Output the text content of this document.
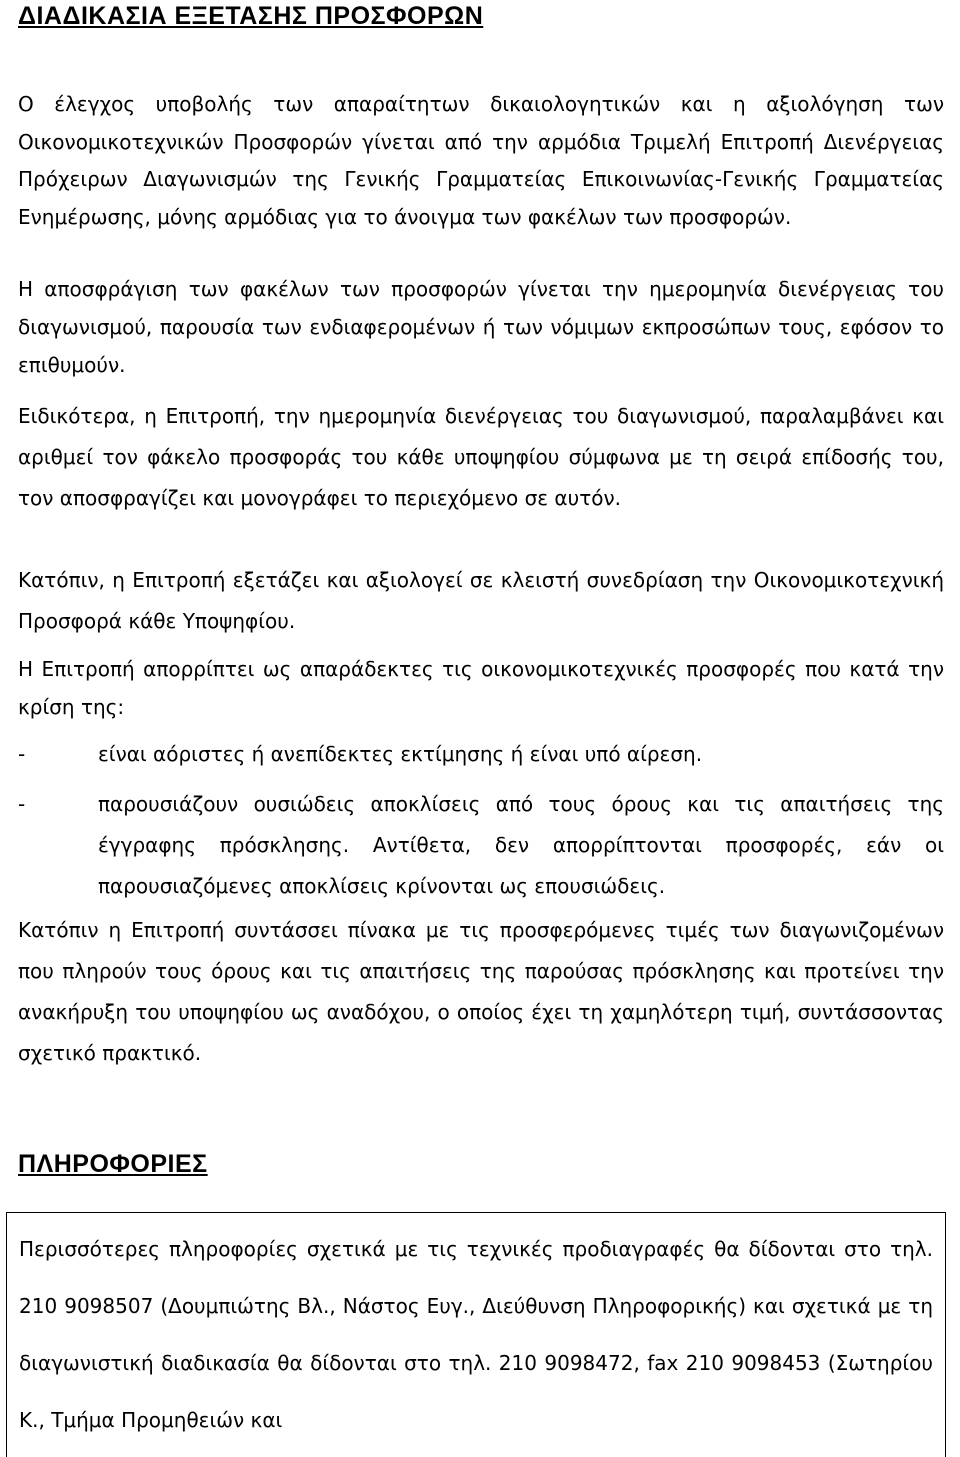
ΔΙΑΔΙΚΑΣΙΑ ΕΞΕΤΑΣΗΣ ΠΡΟΣΦΟΡΩΝ

Ο έλεγχος υποβολής των απαραίτητων δικαιολογητικών και η αξιολόγηση των Οικονομικοτεχνικών Προσφορών γίνεται από την αρμόδια Τριμελή Επιτροπή Διενέργειας Πρόχειρων Διαγωνισμών της Γενικής Γραμματείας Επικοινωνίας-Γενικής Γραμματείας Ενημέρωσης, μόνης αρμόδιας για το άνοιγμα των φακέλων των προσφορών.

Η αποσφράγιση των φακέλων των προσφορών γίνεται την ημερομηνία διενέργειας του διαγωνισμού, παρουσία των ενδιαφερομένων ή των νόμιμων εκπροσώπων τους, εφόσον το επιθυμούν.

Ειδικότερα, η Επιτροπή, την ημερομηνία διενέργειας του διαγωνισμού, παραλαμβάνει και αριθμεί τον φάκελο προσφοράς του κάθε υποψηφίου σύμφωνα με τη σειρά επίδοσής του, τον αποσφραγίζει και μονογράφει το περιεχόμενο σε αυτόν.

Κατόπιν, η Επιτροπή εξετάζει και αξιολογεί σε κλειστή συνεδρίαση την Οικονομικοτεχνική Προσφορά κάθε Υποψηφίου.

Η Επιτροπή απορρίπτει ως απαράδεκτες τις οικονομικοτεχνικές προσφορές που κατά την κρίση της:

-	είναι αόριστες ή ανεπίδεκτες εκτίμησης ή είναι υπό αίρεση.
-	παρουσιάζουν ουσιώδεις αποκλίσεις από τους όρους και τις απαιτήσεις της έγγραφης πρόσκλησης. Αντίθετα, δεν απορρίπτονται προσφορές, εάν οι παρουσιαζόμενες αποκλίσεις κρίνονται ως επουσιώδεις.

Κατόπιν η Επιτροπή συντάσσει πίνακα με τις προσφερόμενες τιμές των διαγωνιζομένων που πληρούν τους όρους και τις απαιτήσεις της παρούσας πρόσκλησης και προτείνει την ανακήρυξη του υποψηφίου ως αναδόχου, ο οποίος έχει τη χαμηλότερη τιμή, συντάσσοντας σχετικό πρακτικό.

ΠΛΗΡΟΦΟΡΙΕΣ

Περισσότερες πληροφορίες σχετικά με τις τεχνικές προδιαγραφές θα δίδονται στο τηλ. 210 9098507 (Δουμπιώτης Βλ., Νάστος Ευγ., Διεύθυνση Πληροφορικής) και σχετικά με τη διαγωνιστική διαδικασία θα δίδονται στο τηλ. 210 9098472, fax 210 9098453 (Σωτηρίου Κ., Τμήμα Προμηθειών και
